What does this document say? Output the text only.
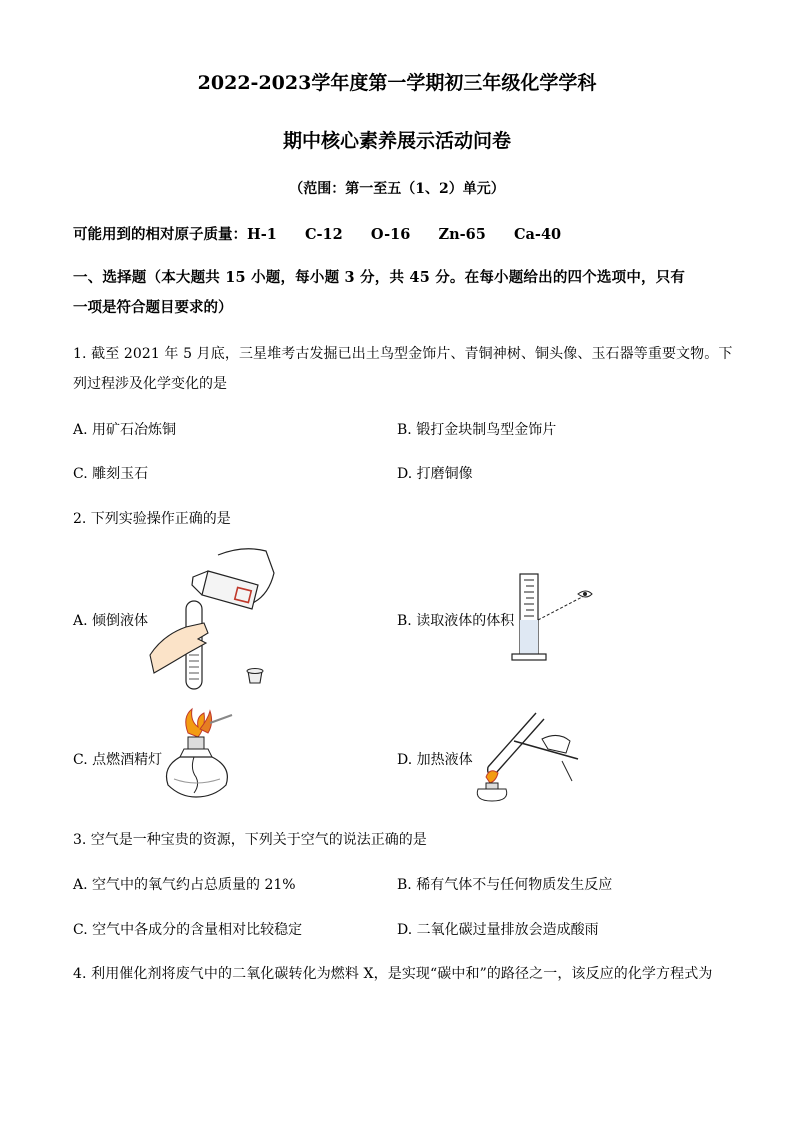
2022-2023学年度第一学期初三年级化学学科
期中核心素养展示活动问卷
（范围：第一至五（1、2）单元）
可能用到的相对原子质量：H-1    C-12    O-16    Zn-65    Ca-40
一、选择题（本大题共 15 小题，每小题 3 分，共 45 分。在每小题给出的四个选项中，只有
一项是符合题目要求的）
1. 截至 2021 年 5 月底，三星堆考古发掘已出土鸟型金饰片、青铜神树、铜头像、玉石器等重要文物。下
列过程涉及化学变化的是
A. 用矿石冶炼铜	B. 锻打金块制鸟型金饰片
C. 雕刻玉石	D. 打磨铜像
2. 下列实验操作正确的是
A. 倾倒液体	B. 读取液体的体积
C. 点燃酒精灯	D. 加热液体
3. 空气是一种宝贵的资源，下列关于空气的说法正确的是
A. 空气中的氧气约占总质量的 21%	B. 稀有气体不与任何物质发生反应
C. 空气中各成分的含量相对比较稳定	D. 二氧化碳过量排放会造成酸雨
4. 利用催化剂将废气中的二氧化碳转化为燃料 X，是实现“碳中和”的路径之一，该反应的化学方程式为
